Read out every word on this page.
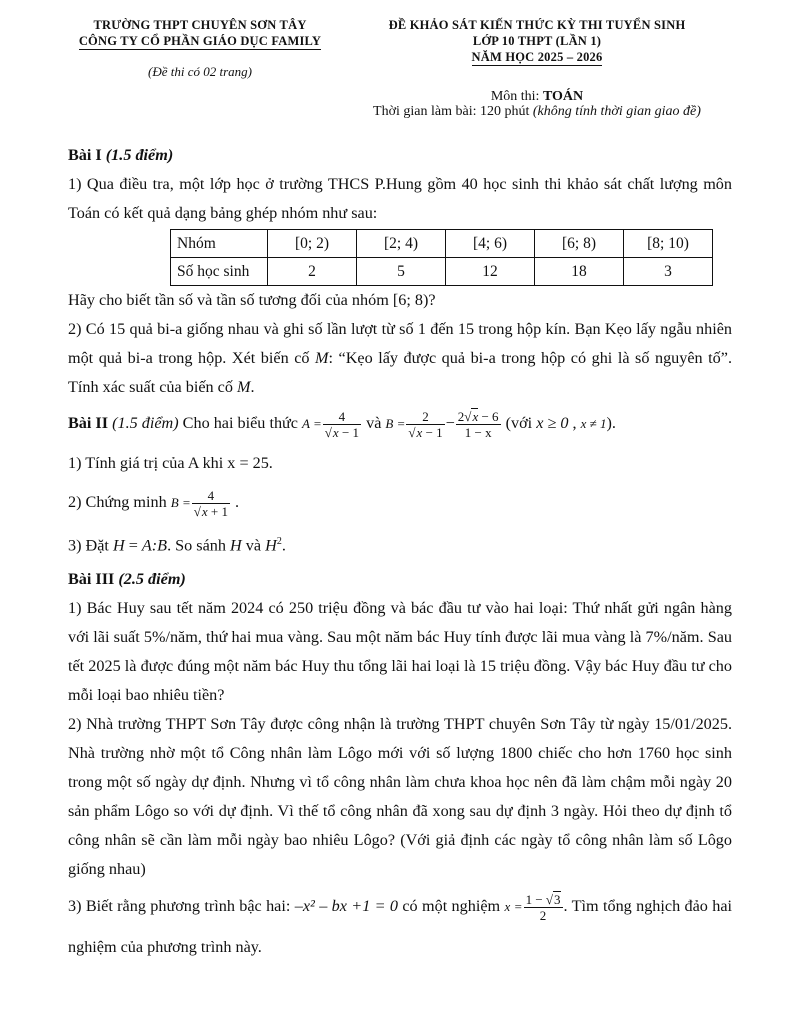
TRƯỜNG THPT CHUYÊN SƠN TÂY
CÔNG TY CỔ PHẦN GIÁO DỤC FAMILY
(Đề thi có 02 trang)
ĐỀ KHẢO SÁT KIẾN THỨC KỲ THI TUYỂN SINH
LỚP 10 THPT (LẦN 1)
NĂM HỌC 2025 – 2026
Môn thi: TOÁN
Thời gian làm bài: 120 phút (không tính thời gian giao đề)

Bài I (1.5 điểm)

1) Qua điều tra, một lớp học ở trường THCS P.Hung gồm 40 học sinh thi khảo sát chất lượng môn Toán có kết quả dạng bảng ghép nhóm như sau:

Nhóm	[0; 2)	[2; 4)	[4; 6)	[6; 8)	[8; 10)
Số học sinh	2	5	12	18	3

Hãy cho biết tần số và tần số tương đối của nhóm [6; 8)?

2) Có 15 quả bi-a giống nhau và ghi số lần lượt từ số 1 đến 15 trong hộp kín. Bạn Kẹo lấy ngẫu nhiên một quả bi-a trong hộp. Xét biến cố M: “Kẹo lấy được quả bi-a trong hộp có ghi là số nguyên tố”. Tính xác suất của biến cố M.

Bài II (1.5 điểm) Cho hai biểu thức $A = \frac{4}{√x - 1}$ và $B = \frac{2}{√x - 1} - \frac{2√x - 6}{1 - x}$ (với x ≥ 0 , x ≠ 1).

1) Tính giá trị của A khi x = 25.

2) Chứng minh $B = \frac{4}{√x + 1}$ .

3) Đặt H = A:B. So sánh H và $H^2$.

Bài III (2.5 điểm)

1) Bác Huy sau tết năm 2024 có 250 triệu đồng và bác đầu tư vào hai loại: Thứ nhất gửi ngân hàng với lãi suất 5%/năm, thứ hai mua vàng. Sau một năm bác Huy tính được lãi mua vàng là 7%/năm. Sau tết 2025 là được đúng một năm bác Huy thu tổng lãi hai loại là 15 triệu đồng. Vậy bác Huy đầu tư cho mỗi loại bao nhiêu tiền?

2) Nhà trường THPT Sơn Tây được công nhận là trường THPT chuyên Sơn Tây từ ngày 15/01/2025. Nhà trường nhờ một tổ Công nhân làm Lôgo mới với số lượng 1800 chiếc cho hơn 1760 học sinh trong một số ngày dự định. Nhưng vì tổ công nhân làm chưa khoa học nên đã làm chậm mỗi ngày 20 sản phẩm Lôgo so với dự định. Vì thế tổ công nhân đã xong sau dự định 3 ngày. Hỏi theo dự định tổ công nhân sẽ cần làm mỗi ngày bao nhiêu Lôgo? (Với giả định các ngày tổ công nhân làm số Lôgo giống nhau)

3) Biết rằng phương trình bậc hai: –x² – bx +1 = 0 có một nghiệm $x = \frac{1 - √3}{2}$ . Tìm tổng nghịch đảo hai nghiệm của phương trình này.
